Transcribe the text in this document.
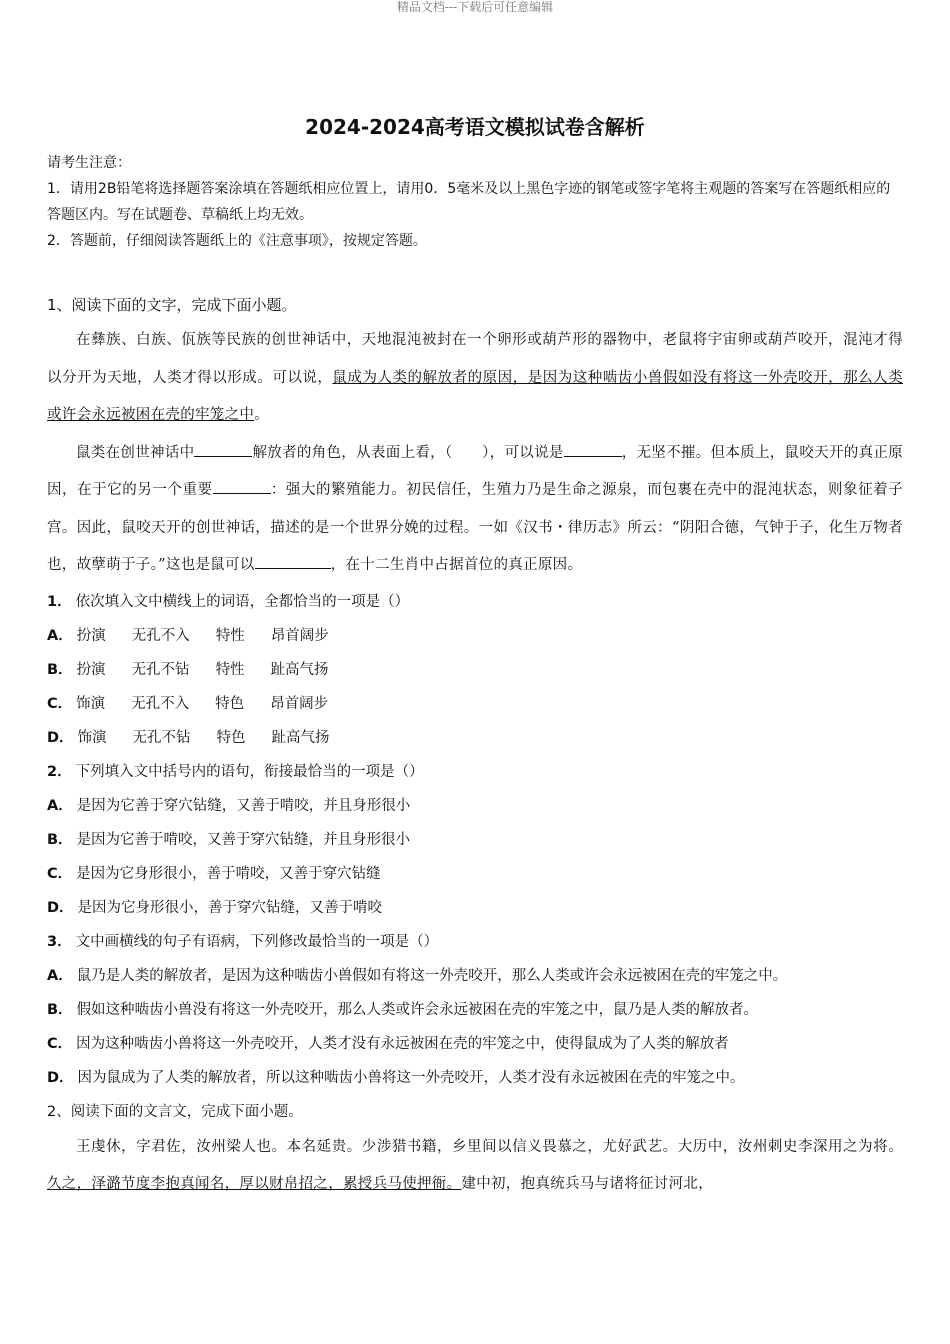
精品文档---下载后可任意编辑
2024-2024高考语文模拟试卷含解析

请考生注意：

1．请用2B铅笔将选择题答案涂填在答题纸相应位置上，请用0．5毫米及以上黑色字迹的钢笔或签字笔将主观题的答案写在答题纸相应的答题区内。写在试题卷、草稿纸上均无效。

2．答题前，仔细阅读答题纸上的《注意事项》，按规定答题。

1、阅读下面的文字，完成下面小题。

在彝族、白族、佤族等民族的创世神话中，天地混沌被封在一个卵形或葫芦形的器物中，老鼠将宇宙卵或葫芦咬开，混沌才得以分开为天地，人类才得以形成。可以说，鼠成为人类的解放者的原因，是因为这种啮齿小兽假如没有将这一外壳咬开，那么人类或许会永远被困在壳的牢笼之中。

鼠类在创世神话中	解放者的角色，从表面上看，（　　），可以说是	，无坚不摧。但本质上，鼠咬天开的真正原因，在于它的另一个重要	：强大的繁殖能力。初民信任，生殖力乃是生命之源泉，而包裹在壳中的混沌状态，则象征着子宫。因此，鼠咬天开的创世神话，描述的是一个世界分娩的过程。一如《汉书・律历志》所云：“阴阳合德，气钟于子，化生万物者也，故孽萌于子。”这也是鼠可以	，在十二生肖中占据首位的真正原因。

1． 依次填入文中横线上的词语，全都恰当的一项是（）

A． 扮演 无孔不入 特性 昂首阔步

B． 扮演 无孔不钻 特性 趾高气扬

C． 饰演 无孔不入 特色 昂首阔步

D． 饰演 无孔不钻 特色 趾高气扬

2． 下列填入文中括号内的语句，衔接最恰当的一项是（）

A． 是因为它善于穿穴钻缝，又善于啃咬，并且身形很小

B． 是因为它善于啃咬，又善于穿穴钻缝，并且身形很小

C． 是因为它身形很小，善于啃咬，又善于穿穴钻缝

D． 是因为它身形很小，善于穿穴钻缝，又善于啃咬

3． 文中画横线的句子有语病，下列修改最恰当的一项是（）

A． 鼠乃是人类的解放者，是因为这种啮齿小兽假如有将这一外壳咬开，那么人类或许会永远被困在壳的牢笼之中。

B． 假如这种啮齿小兽没有将这一外壳咬开，那么人类或许会永远被困在壳的牢笼之中，鼠乃是人类的解放者。

C． 因为这种啮齿小兽将这一外壳咬开，人类才没有永远被困在壳的牢笼之中，使得鼠成为了人类的解放者

D． 因为鼠成为了人类的解放者，所以这种啮齿小兽将这一外壳咬开，人类才没有永远被困在壳的牢笼之中。

2、阅读下面的文言文，完成下面小题。

王虔休，字君佐，汝州梁人也。本名延贵。少涉猎书籍，乡里间以信义畏慕之，尤好武艺。大历中，汝州刺史李深用之为将。久之，泽潞节度李抱真闻名，厚以财帛招之，累授兵马使押衙。建中初，抱真统兵马与诸将征讨河北，
